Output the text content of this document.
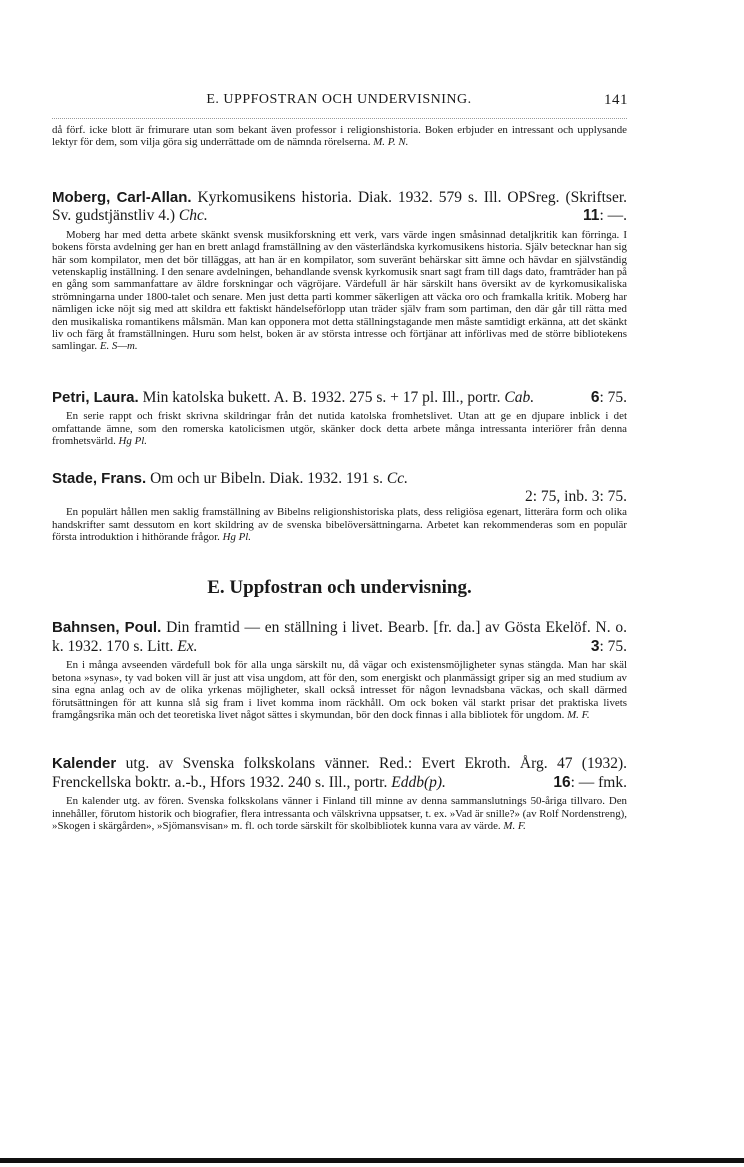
E. UPPFOSTRAN OCH UNDERVISNING.	141

då förf. icke blott är frimurare utan som bekant även professor i religionshistoria. Boken erbjuder en intressant och upplysande lektyr för dem, som vilja göra sig underrättade om de nämnda rörelserna. M. P. N.

Moberg, Carl-Allan. Kyrkomusikens historia. Diak. 1932. 579 s. Ill. OPSreg. (Skriftser. Sv. gudstjänstliv 4.) Chc.	11: —.

Moberg har med detta arbete skänkt svensk musikforskning ett verk, vars värde ingen småsinnad detaljkritik kan förringa. I bokens första avdelning ger han en brett anlagd framställning av den västerländska kyrkomusikens historia. Själv betecknar han sig här som kompilator, men det bör tilläggas, att han är en kompilator, som suveränt behärskar sitt ämne och hävdar en självständig vetenskaplig inställning. I den senare avdelningen, behandlande svensk kyrkomusik snart sagt fram till dags dato, framträder han på en gång som sammanfattare av äldre forskningar och vägröjare. Värdefull är här särskilt hans översikt av de kyrkomusikaliska strömningarna under 1800-talet och senare. Men just detta parti kommer säkerligen att väcka oro och framkalla kritik. Moberg har nämligen icke nöjt sig med att skildra ett faktiskt händelseförlopp utan träder själv fram som partiman, den där går till rätta med den musikaliska romantikens målsmän. Man kan opponera mot detta ställningstagande men måste samtidigt erkänna, att det skänkt liv och färg åt framställningen. Huru som helst, boken är av största intresse och förtjänar att införlivas med de större bibliotekens samlingar. E. S—m.

Petri, Laura. Min katolska bukett. A. B. 1932. 275 s. + 17 pl. Ill., portr. Cab.	6: 75.

En serie rappt och friskt skrivna skildringar från det nutida katolska fromhetslivet. Utan att ge en djupare inblick i det omfattande ämne, som den romerska katolicismen utgör, skänker dock detta arbete många intressanta interiörer från denna fromhetsvärld. Hg Pl.

Stade, Frans. Om och ur Bibeln. Diak. 1932. 191 s. Cc.

2: 75, inb. 3: 75.

En populärt hållen men saklig framställning av Bibelns religionshistoriska plats, dess religiösa egenart, litterära form och olika handskrifter samt dessutom en kort skildring av de svenska bibelöversättningarna. Arbetet kan rekommenderas som en populär första introduktion i hithörande frågor. Hg Pl.

E. Uppfostran och undervisning.

Bahnsen, Poul. Din framtid — en ställning i livet. Bearb. [fr. da.] av Gösta Ekelöf. N. o. k. 1932. 170 s. Litt. Ex.	3: 75.

En i många avseenden värdefull bok för alla unga särskilt nu, då vägar och existensmöjligheter synas stängda. Man har skäl betona »synas», ty vad boken vill är just att visa ungdom, att för den, som energiskt och planmässigt griper sig an med studium av sina egna anlag och av de olika yrkenas möjligheter, skall också intresset för någon levnadsbana väckas, och skall därmed förutsättningen för att kunna slå sig fram i livet komma inom räckhåll. Om ock boken väl starkt prisar det praktiska livets framgångsrika män och det teoretiska livet något sättes i skymundan, bör den dock finnas i alla bibliotek för ungdom. M. F.

Kalender utg. av Svenska folkskolans vänner. Red.: Evert Ekroth. Årg. 47 (1932). Frenckellska boktr. a.-b., Hfors 1932. 240 s. Ill., portr. Eddb(p).	16: — fmk.

En kalender utg. av fören. Svenska folkskolans vänner i Finland till minne av denna sammanslutnings 50-åriga tillvaro. Den innehåller, förutom historik och biografier, flera intressanta och välskrivna uppsatser, t. ex. »Vad är snille?» (av Rolf Nordenstreng), »Skogen i skärgården», »Sjömansvisan» m. fl. och torde särskilt för skolbibliotek kunna vara av värde. M. F.
